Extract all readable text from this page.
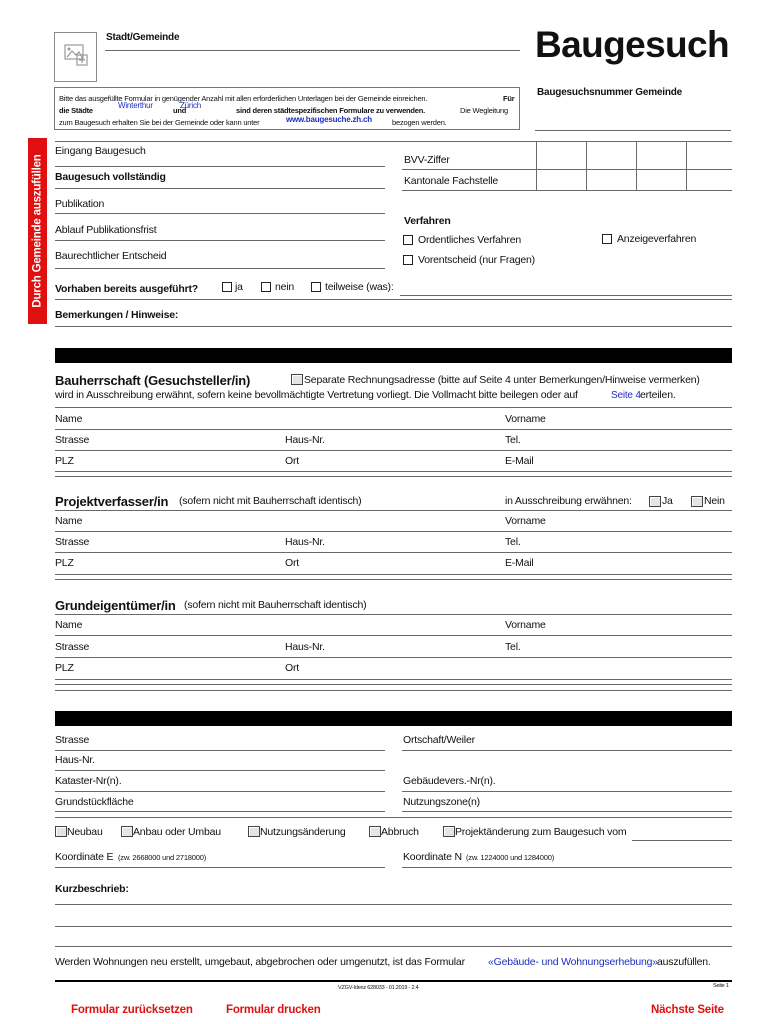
Stadt/Gemeinde	Baugesuch
Bitte das ausgefüllte Formular in genügender Anzahl mit allen erforderlichen Unterlagen bei der Gemeinde einreichen.	Für
die Städte
Winterthur
und
Zürich
sind deren städtespezifischen Formulare zu verwenden.	Die Wegleitung
zum Baugesuch erhalten Sie bei der Gemeinde oder kann unter	www.baugesuche.zh.ch	bezogen werden.
Baugesuchsnummer Gemeinde
Durch Gemeinde auszufüllen
Eingang Baugesuch
Baugesuch vollständig
Publikation
Ablauf Publikationsfrist
Baurechtlicher Entscheid
BVV-Ziffer
Kantonale Fachstelle
Verfahren
Ordentliches Verfahren	Anzeigeverfahren
Vorentscheid (nur Fragen)
Vorhaben bereits ausgeführt?	ja	nein	teilweise (was):
Bemerkungen / Hinweise:
Bauherrschaft (Gesuchsteller/in)	Separate Rechnungsadresse (bitte auf Seite 4 unter Bemerkungen/Hinweise vermerken)
wird in Ausschreibung erwähnt, sofern keine bevollmächtigte Vertretung vorliegt. Die Vollmacht bitte beilegen oder auf	Seite 4 erteilen.
Name	Vorname
Strasse	Haus-Nr.	Tel.
PLZ	Ort	E-Mail
Projektverfasser/in (sofern nicht mit Bauherrschaft identisch)	in Ausschreibung erwähnen:	Ja	Nein
Name	Vorname
Strasse	Haus-Nr.	Tel.
PLZ	Ort	E-Mail
Grundeigentümer/in (sofern nicht mit Bauherrschaft identisch)
Name	Vorname
Strasse	Haus-Nr.	Tel.
PLZ	Ort
Strasse	Ortschaft/Weiler
Haus-Nr.
Kataster-Nr(n).	Gebäudevers.-Nr(n).
Grundstückfläche	Nutzungszone(n)
Neubau	Anbau oder Umbau	Nutzungsänderung	Abbruch	Projektänderung zum Baugesuch vom
Koordinate E (zw. 2668000 und 2718000)	Koordinate N (zw. 1224000 und 1284000)
Kurzbeschrieb:
Werden Wohnungen neu erstellt, umgebaut, abgebrochen oder umgenutzt, ist das Formular «Gebäude- und Wohnungserhebung» auszufüllen.
VZGV-Idenz 628033 - 01.2019 - 2.4	Seite 1
Formular zurücksetzen	Formular drucken	Nächste Seite
